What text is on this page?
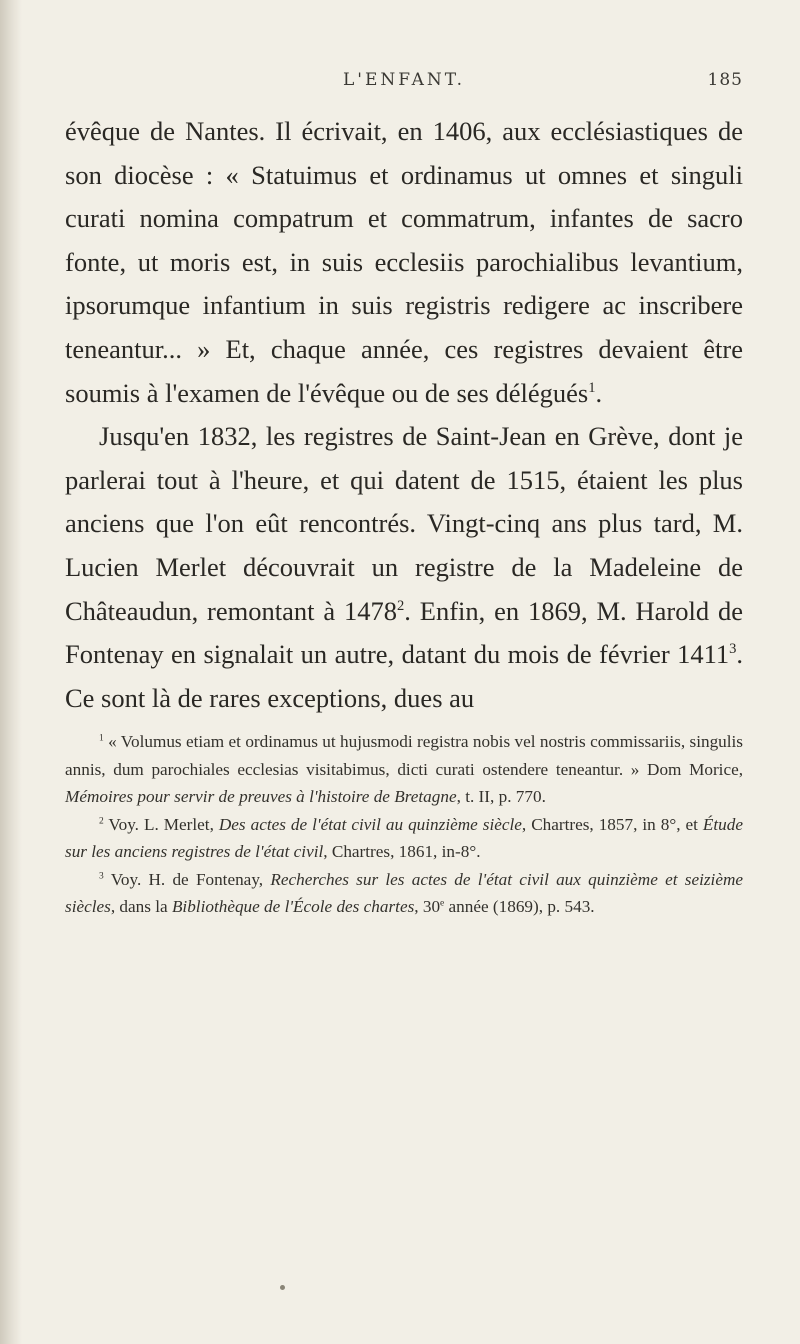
L'ENFANT.	185

évêque de Nantes. Il écrivait, en 1406, aux ecclésiastiques de son diocèse : « Statuimus et ordinamus ut omnes et singuli curati nomina compatrum et commatrum, infantes de sacro fonte, ut moris est, in suis ecclesiis parochialibus levantium, ipsorumque infantium in suis registris redigere ac inscribere teneantur... » Et, chaque année, ces registres devaient être soumis à l'examen de l'évêque ou de ses délégués$^1$.

Jusqu'en 1832, les registres de Saint-Jean en Grève, dont je parlerai tout à l'heure, et qui datent de 1515, étaient les plus anciens que l'on eût rencontrés. Vingt-cinq ans plus tard, M. Lucien Merlet découvrait un registre de la Madeleine de Châteaudun, remontant à 1478$^2$. Enfin, en 1869, M. Harold de Fontenay en signalait un autre, datant du mois de février 1411$^3$. Ce sont là de rares exceptions, dues au

$^1$ « Volumus etiam et ordinamus ut hujusmodi registra nobis vel nostris commissariis, singulis annis, dum parochiales ecclesias visitabimus, dicti curati ostendere teneantur. » Dom Morice, Mémoires pour servir de preuves à l'histoire de Bretagne, t. II, p. 770.

$^2$ Voy. L. Merlet, Des actes de l'état civil au quinzième siècle, Chartres, 1857, in 8°, et Étude sur les anciens registres de l'état civil, Chartres, 1861, in-8°.

$^3$ Voy. H. de Fontenay, Recherches sur les actes de l'état civil aux quinzième et seizième siècles, dans la Bibliothèque de l'École des chartes, 30e année (1869), p. 543.
